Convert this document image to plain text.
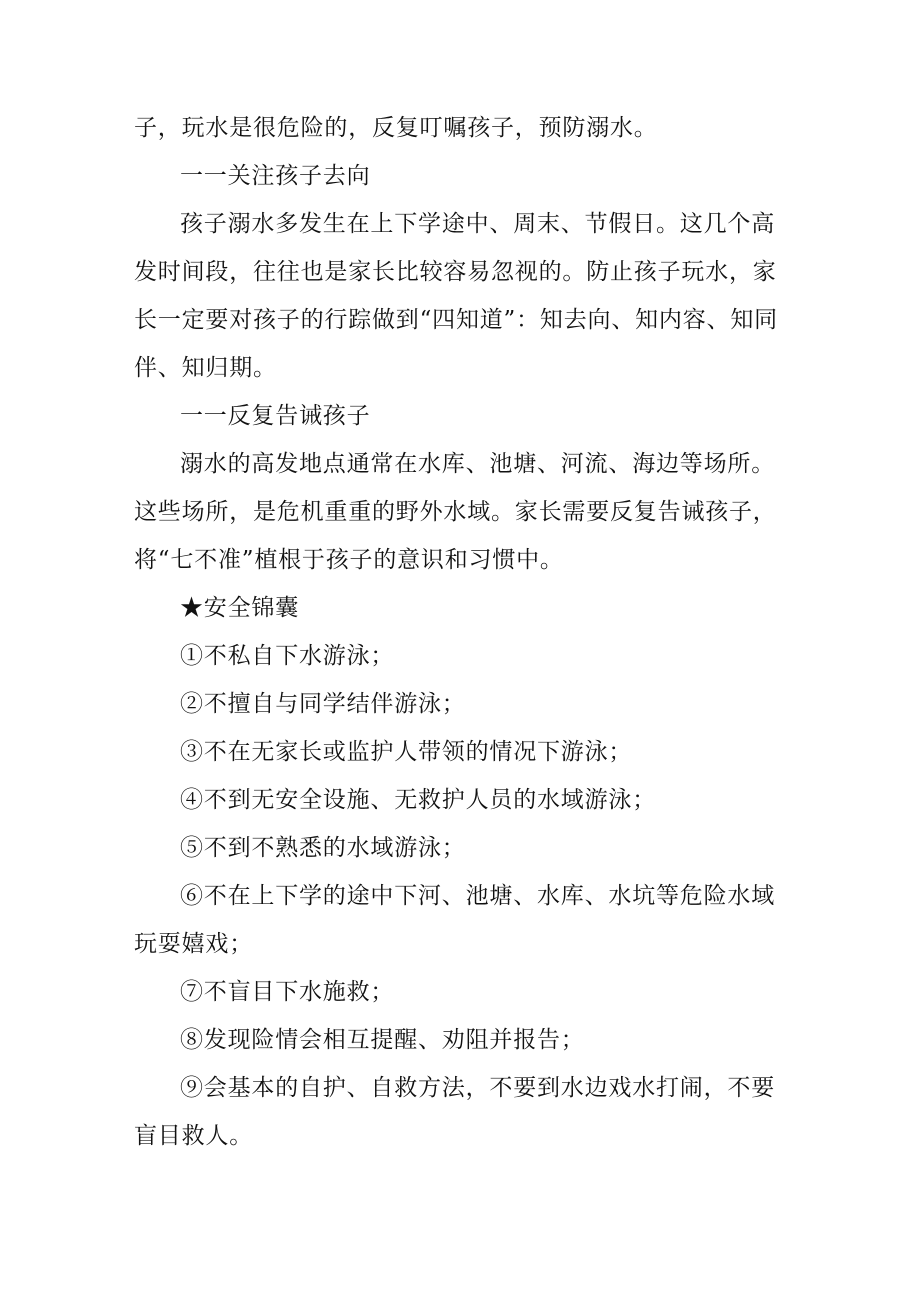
子，玩水是很危险的，反复叮嘱孩子，预防溺水。

一一关注孩子去向

孩子溺水多发生在上下学途中、周末、节假日。这几个高发时间段，往往也是家长比较容易忽视的。防止孩子玩水，家长一定要对孩子的行踪做到“四知道”：知去向、知内容、知同伴、知归期。

一一反复告诫孩子

溺水的高发地点通常在水库、池塘、河流、海边等场所。这些场所，是危机重重的野外水域。家长需要反复告诫孩子，将“七不准”植根于孩子的意识和习惯中。

★安全锦囊

①不私自下水游泳；

②不擅自与同学结伴游泳；

③不在无家长或监护人带领的情况下游泳；

④不到无安全设施、无救护人员的水域游泳；

⑤不到不熟悉的水域游泳；

⑥不在上下学的途中下河、池塘、水库、水坑等危险水域玩耍嬉戏；

⑦不盲目下水施救；

⑧发现险情会相互提醒、劝阻并报告；

⑨会基本的自护、自救方法，不要到水边戏水打闹，不要盲目救人。
